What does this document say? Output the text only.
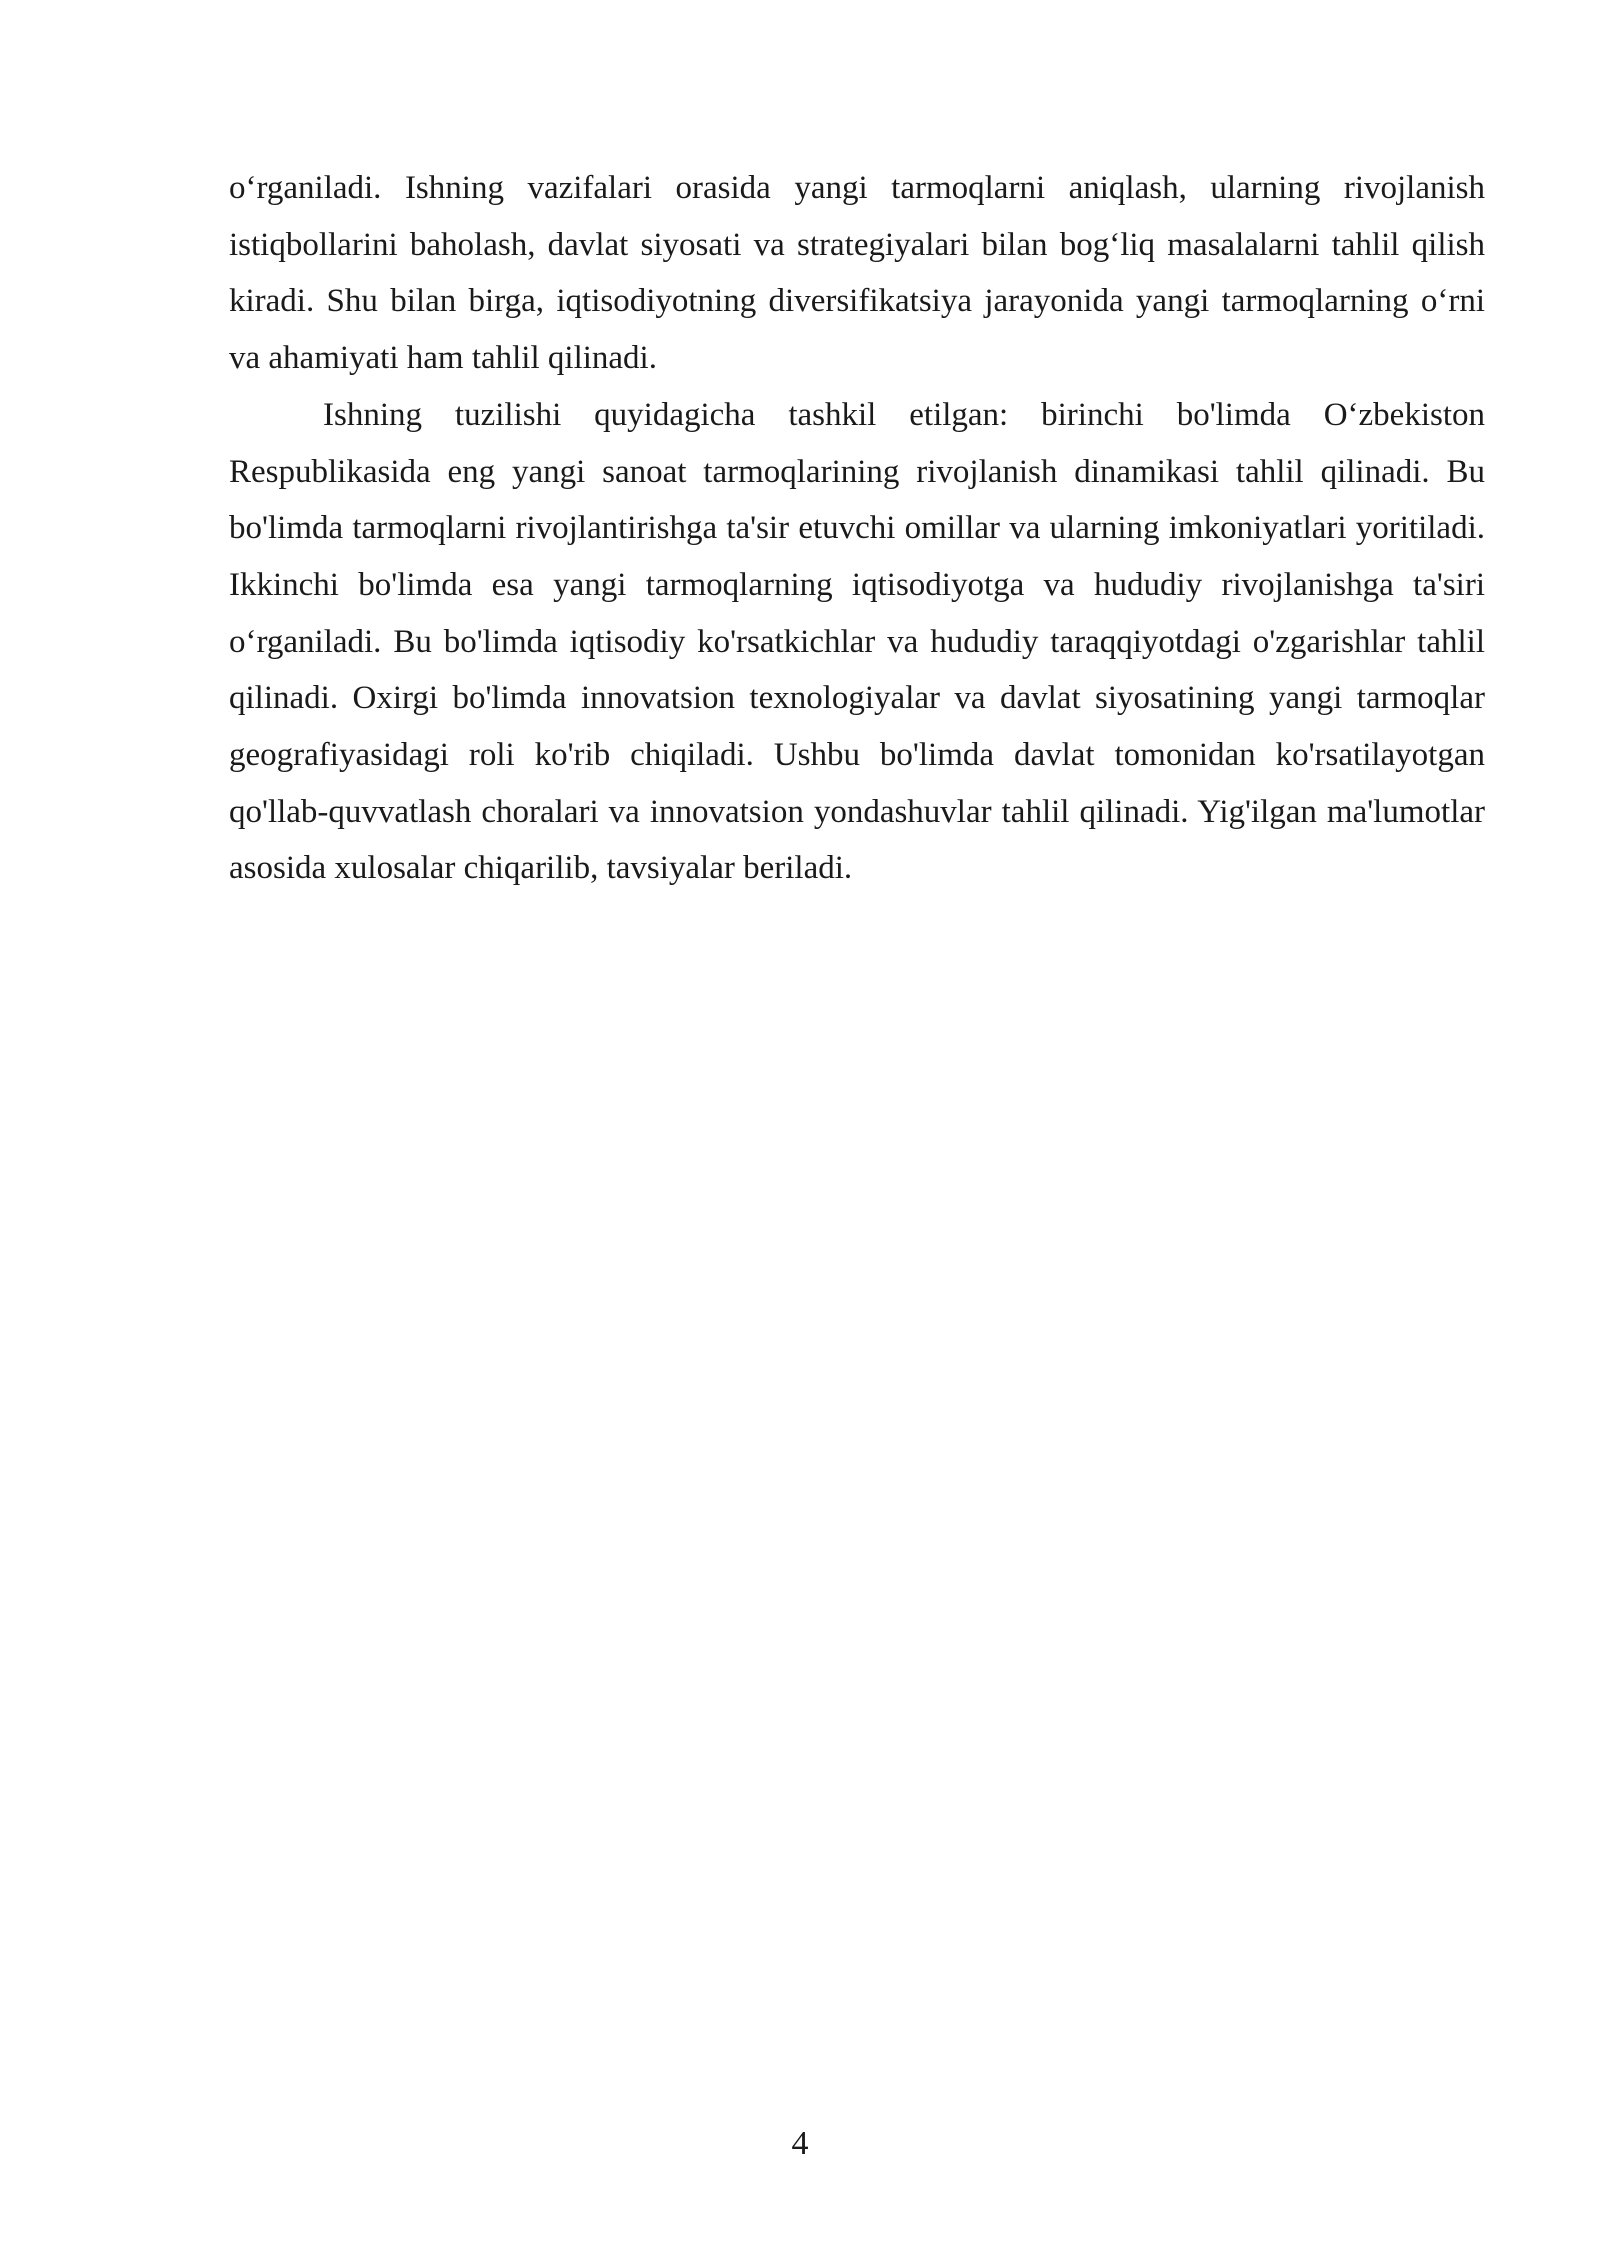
o‘rganiladi. Ishning vazifalari orasida yangi tarmoqlarni aniqlash, ularning rivojlanish istiqbollarini baholash, davlat siyosati va strategiyalari bilan bog‘liq masalalarni tahlil qilish kiradi. Shu bilan birga, iqtisodiyotning diversifikatsiya jarayonida yangi tarmoqlarning o‘rni va ahamiyati ham tahlil qilinadi.

Ishning tuzilishi quyidagicha tashkil etilgan: birinchi bo'limda O‘zbekiston Respublikasida eng yangi sanoat tarmoqlarining rivojlanish dinamikasi tahlil qilinadi. Bu bo'limda tarmoqlarni rivojlantirishga ta'sir etuvchi omillar va ularning imkoniyatlari yoritiladi. Ikkinchi bo'limda esa yangi tarmoqlarning iqtisodiyotga va hududiy rivojlanishga ta'siri o‘rganiladi. Bu bo'limda iqtisodiy ko'rsatkichlar va hududiy taraqqiyotdagi o'zgarishlar tahlil qilinadi. Oxirgi bo'limda innovatsion texnologiyalar va davlat siyosatining yangi tarmoqlar geografiyasidagi roli ko'rib chiqiladi. Ushbu bo'limda davlat tomonidan ko'rsatilayotgan qo'llab-quvvatlash choralari va innovatsion yondashuvlar tahlil qilinadi. Yig'ilgan ma'lumotlar asosida xulosalar chiqarilib, tavsiyalar beriladi.

4
